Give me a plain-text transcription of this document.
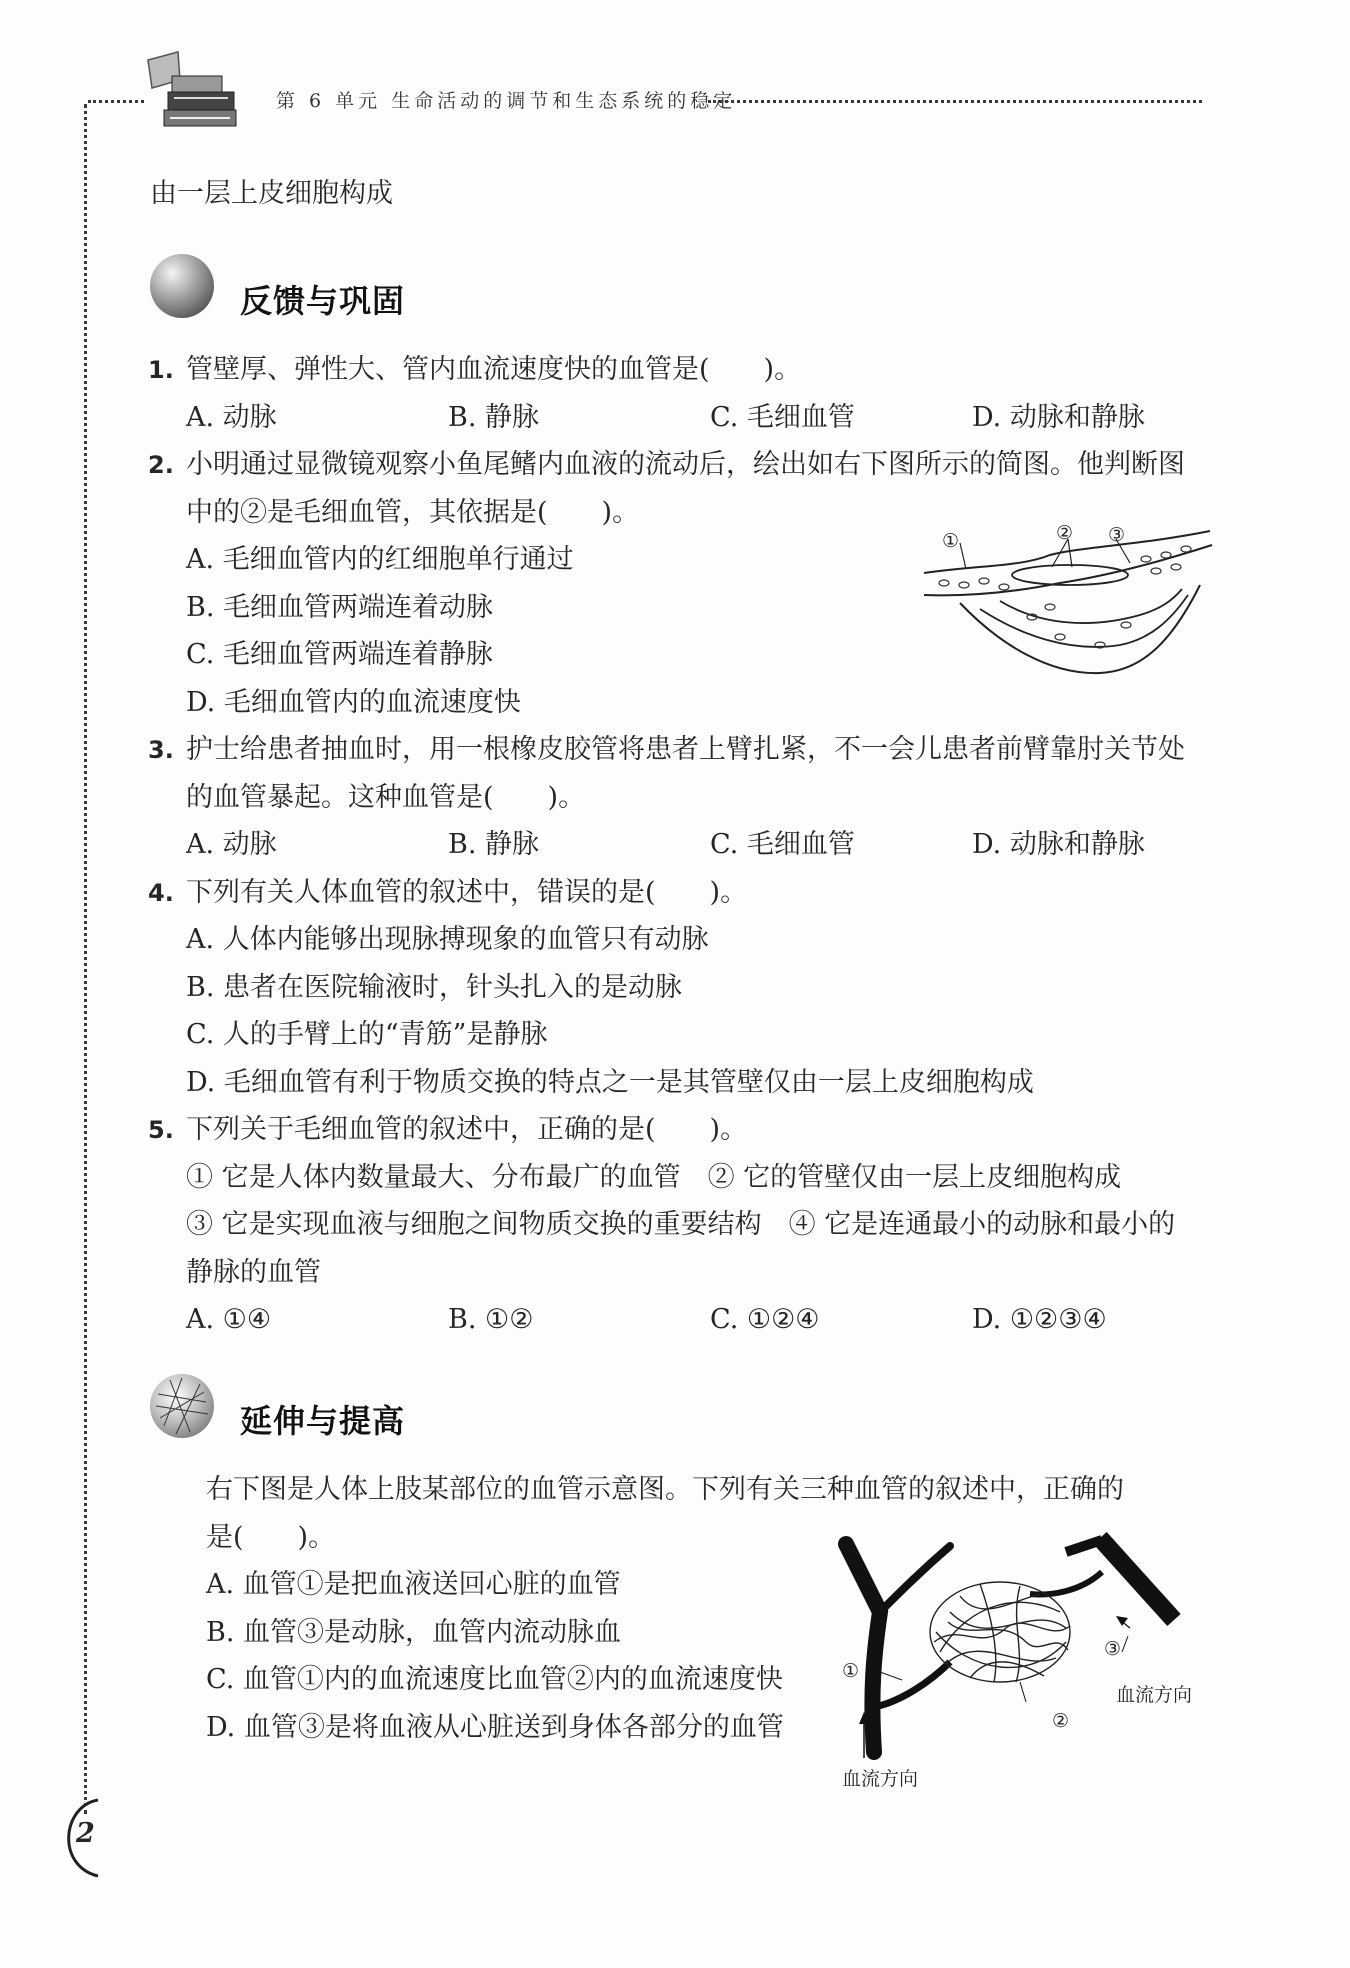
第 6 单元 生命活动的调节和生态系统的稳定
由一层上皮细胞构成
反馈与巩固
1. 管壁厚、弹性大、管内血流速度快的血管是(　　)。
A. 动脉	B. 静脉	C. 毛细血管	D. 动脉和静脉
2. 小明通过显微镜观察小鱼尾鳍内血液的流动后，绘出如右下图所示的简图。他判断图
中的②是毛细血管，其依据是(　　)。
A. 毛细血管内的红细胞单行通过
B. 毛细血管两端连着动脉
C. 毛细血管两端连着静脉
D. 毛细血管内的血流速度快
①	② ③
3. 护士给患者抽血时，用一根橡皮胶管将患者上臂扎紧，不一会儿患者前臂靠肘关节处
的血管暴起。这种血管是(　　)。
A. 动脉	B. 静脉	C. 毛细血管	D. 动脉和静脉
4. 下列有关人体血管的叙述中，错误的是(　　)。
A. 人体内能够出现脉搏现象的血管只有动脉
B. 患者在医院输液时，针头扎入的是动脉
C. 人的手臂上的“青筋”是静脉
D. 毛细血管有利于物质交换的特点之一是其管壁仅由一层上皮细胞构成
5. 下列关于毛细血管的叙述中，正确的是(　　)。
① 它是人体内数量最大、分布最广的血管　② 它的管壁仅由一层上皮细胞构成
③ 它是实现血液与细胞之间物质交换的重要结构　④ 它是连通最小的动脉和最小的
静脉的血管
A. ①④	B. ①②	C. ①②④	D. ①②③④
延伸与提高
右下图是人体上肢某部位的血管示意图。下列有关三种血管的叙述中，正确的
是(　　)。
A. 血管①是把血液送回心脏的血管
B. 血管③是动脉，血管内流动脉血
C. 血管①内的血流速度比血管②内的血流速度快
D. 血管③是将血液从心脏送到身体各部分的血管
①
②
③
血流方向
血流方向
2
